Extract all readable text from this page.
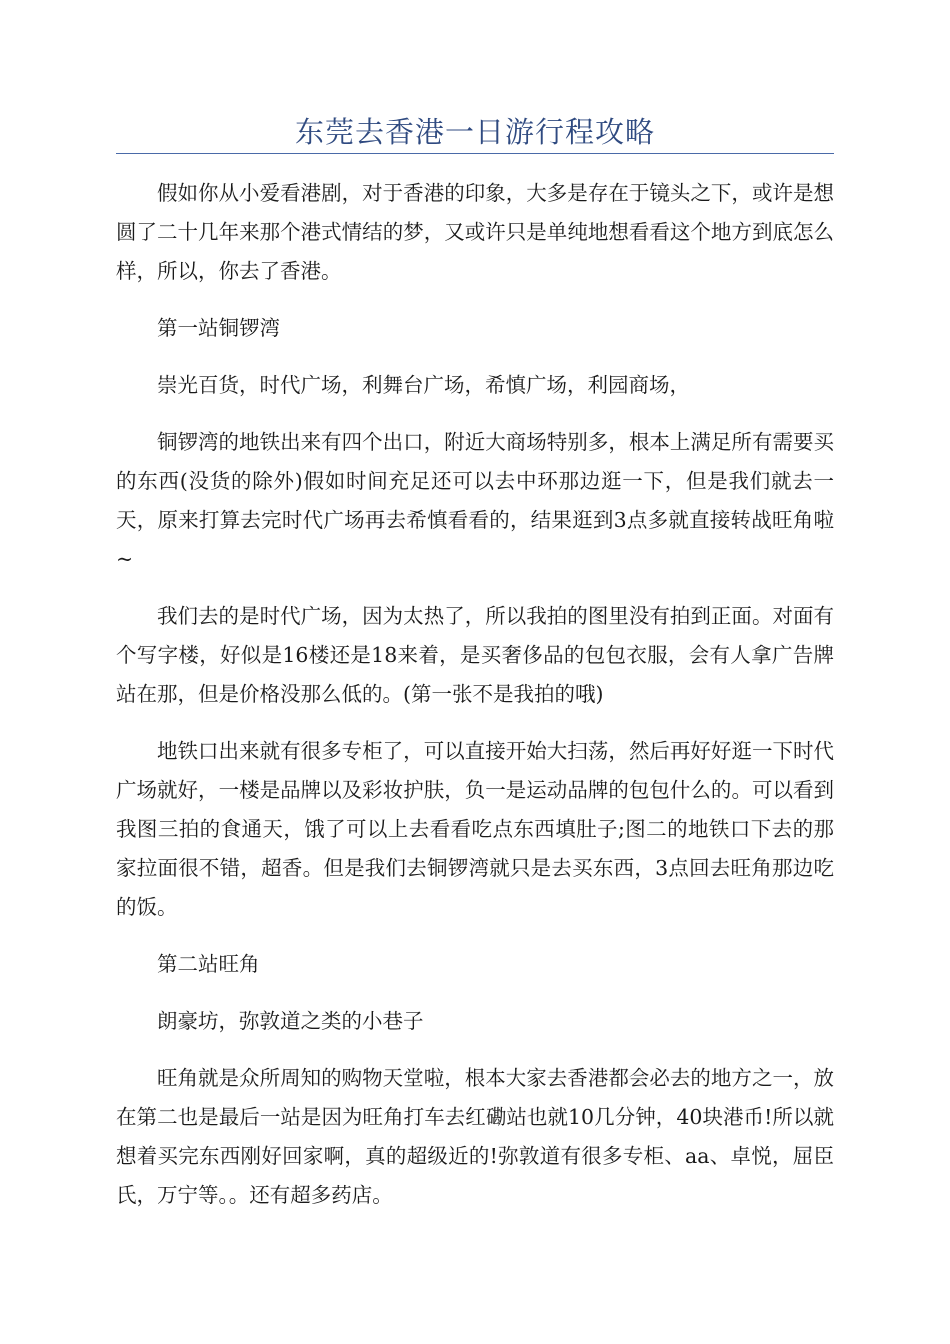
东莞去香港一日游行程攻略

假如你从小爱看港剧，对于香港的印象，大多是存在于镜头之下，或许是想圆了二十几年来那个港式情结的梦，又或许只是单纯地想看看这个地方到底怎么样，所以，你去了香港。

第一站铜锣湾

崇光百货，时代广场，利舞台广场，希慎广场，利园商场，

铜锣湾的地铁出来有四个出口，附近大商场特别多，根本上满足所有需要买的东西(没货的除外)假如时间充足还可以去中环那边逛一下，但是我们就去一天，原来打算去完时代广场再去希慎看看的，结果逛到3点多就直接转战旺角啦~

我们去的是时代广场，因为太热了，所以我拍的图里没有拍到正面。对面有个写字楼，好似是16楼还是18来着，是买奢侈品的包包衣服，会有人拿广告牌站在那，但是价格没那么低的。(第一张不是我拍的哦)

地铁口出来就有很多专柜了，可以直接开始大扫荡，然后再好好逛一下时代广场就好，一楼是品牌以及彩妆护肤，负一是运动品牌的包包什么的。可以看到我图三拍的食通天，饿了可以上去看看吃点东西填肚子;图二的地铁口下去的那家拉面很不错，超香。但是我们去铜锣湾就只是去买东西，3点回去旺角那边吃的饭。

第二站旺角

朗豪坊，弥敦道之类的小巷子

旺角就是众所周知的购物天堂啦，根本大家去香港都会必去的地方之一，放在第二也是最后一站是因为旺角打车去红磡站也就10几分钟，40块港币!所以就想着买完东西刚好回家啊，真的超级近的!弥敦道有很多专柜、aa、卓悦，屈臣氏，万宁等。。还有超多药店。
